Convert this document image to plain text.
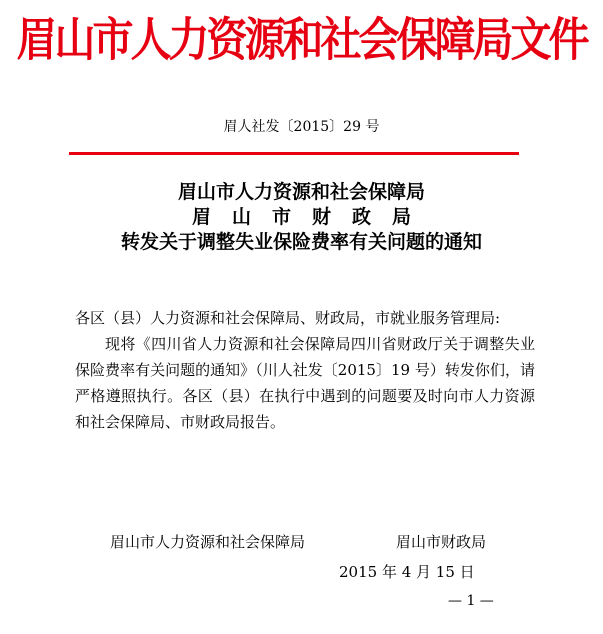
眉山市人力资源和社会保障局文件
眉人社发〔2015〕29 号
眉山市人力资源和社会保障局
眉山市财政局
转发关于调整失业保险费率有关问题的通知
各区（县）人力资源和社会保障局、财政局，市就业服务管理局:
现将《四川省人力资源和社会保障局四川省财政厅关于调整失业保险费率有关问题的通知》（川人社发〔2015〕19 号）转发你们，请严格遵照执行。各区（县）在执行中遇到的问题要及时向市人力资源和社会保障局、市财政局报告。
眉山市人力资源和社会保障局	眉山市财政局
2015 年 4 月 15 日
— 1 —
